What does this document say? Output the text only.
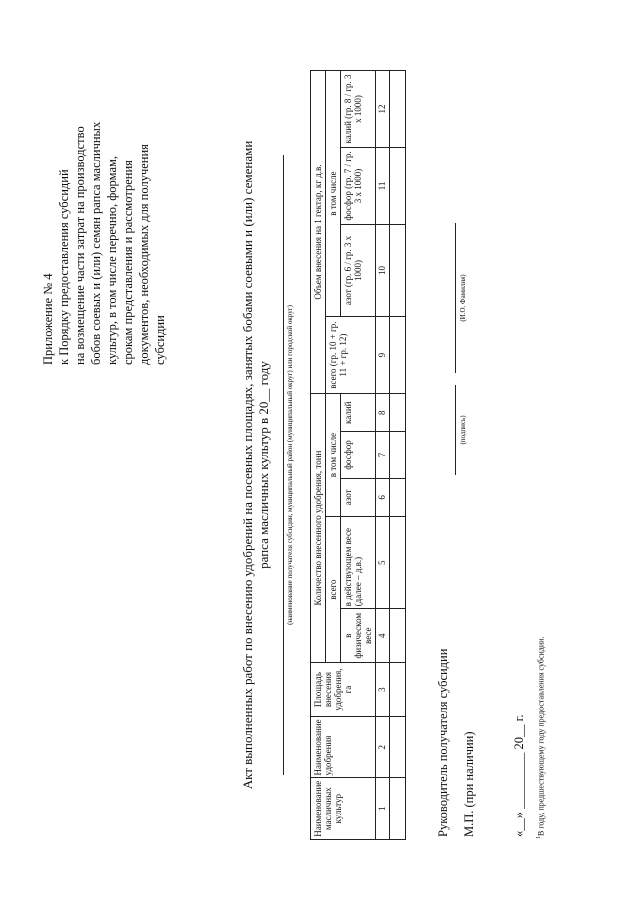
Приложение № 4 к Порядку предоставления субсидий на возмещение части затрат на производство бобов соевых и (или) семян рапса масличных культур, в том числе перечню, формам, срокам представления и рассмотрения документов, необходимых для получения субсидии	Акт выполненных работ по внесению удобрений на посевных площадях, занятых бобами соевыми и (или) семенами рапса масличных культур в 20__ году	(наименование получателя субсидии, муниципальный район (муниципальный округ) или городской округ)
Наименование масличных культур	Наименование удобрения	Площадь внесения удобрения, га	Количество внесенного удобрения, тонн					Объем внесения на 1 гектар, кг д.в.			
			всего		в том числе			всего (гр. 10 + гр. 11 + гр. 12)	в том числе		
			в физическом весе	в действующем весе (далее – д.в.)	азот	фосфор	калий		азот (гр. 6 / гр. 3 x 1000)	фосфор (гр. 7 / гр. 3 x 1000)	калий (гр. 8 / гр. 3 x 1000)
1	2	3	4	5	6	7	8	9	10	11	12

Руководитель получателя субсидии
(подпись)
(И.О. Фамилия)
М.П. (при наличии)	«__» _________ 20__ г.
$^1$В году, предшествующему году предоставления субсидии.
